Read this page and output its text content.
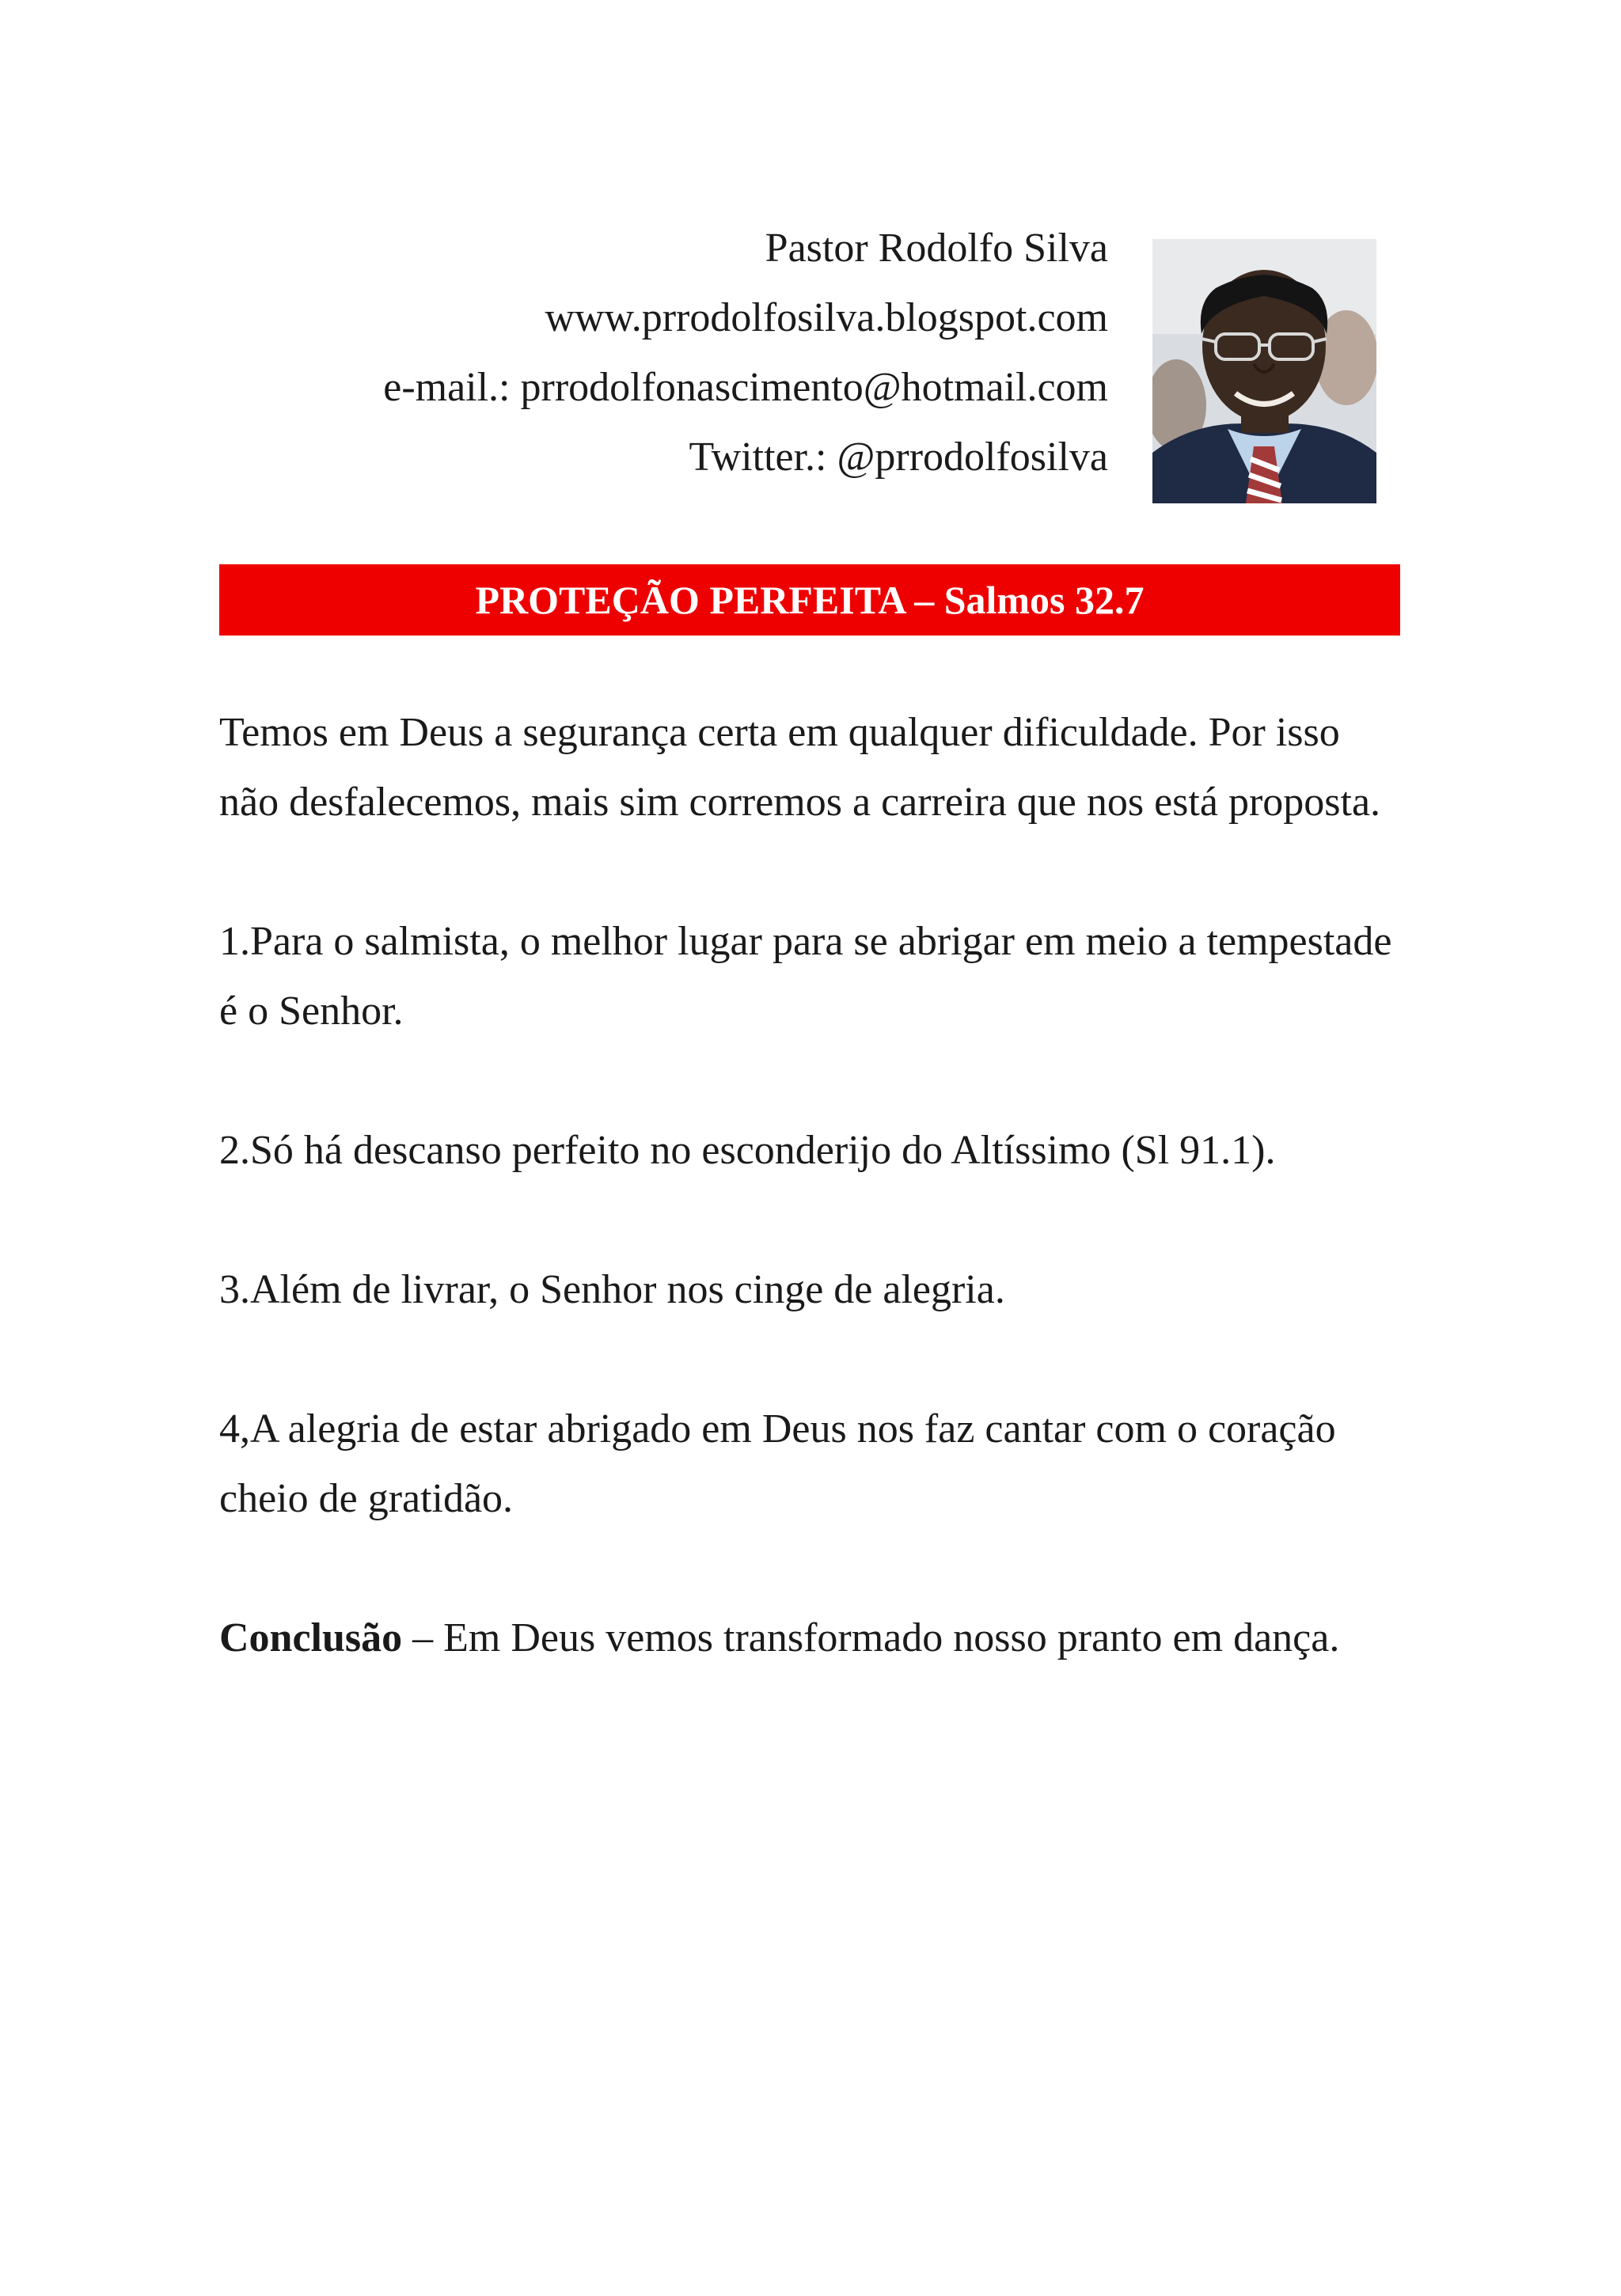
Pastor Rodolfo Silva
www.prrodolfosilva.blogspot.com
e-mail.: prrodolfonascimento@hotmail.com
Twitter.: @prrodolfosilva
PROTEÇÃO PERFEITA – Salmos 32.7

Temos em Deus a segurança certa em qualquer dificuldade. Por isso não desfalecemos, mais sim corremos a carreira que nos está proposta.

1.Para o salmista, o melhor lugar para se abrigar em meio a tempestade é o Senhor.

2.Só há descanso perfeito no esconderijo do Altíssimo (Sl 91.1).

3.Além de livrar, o Senhor nos cinge de alegria.

4,A alegria de estar abrigado em Deus nos faz cantar com o coração cheio de gratidão.

Conclusão – Em Deus vemos transformado nosso pranto em dança.
